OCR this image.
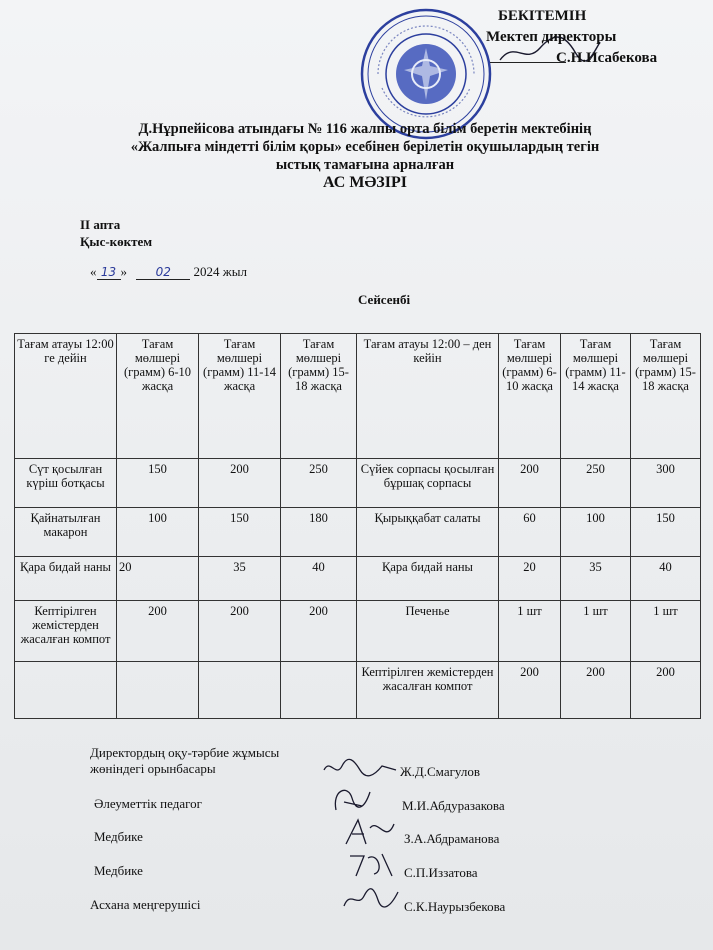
БЕКІТЕМІН
Мектеп директоры
С.Н.Исабекова
Д.Нұрпейісова атындағы № 116 жалпы орта білім беретін мектебінің
«Жалпыға міндетті білім қоры» есебінен берілетін оқушылардың тегін
ыстық тамағына арналған
АС МӘЗІРІ
ІІ апта
Қыс-көктем
« 13 » 02 2024 жыл
Сейсенбі
Тағам атауы 12:00 ге дейін	Тағам мөлшері (грамм) 6-10 жасқа	Тағам мөлшері (грамм) 11-14 жасқа	Тағам мөлшері (грамм) 15-18 жасқа	Тағам атауы 12:00 – ден кейін	Тағам мөлшері (грамм) 6-10 жасқа	Тағам мөлшері (грамм) 11-14 жасқа	Тағам мөлшері (грамм) 15-18 жасқа
Сүт қосылған күріш ботқасы	150	200	250	Сүйек сорпасы қосылған бұршақ сорпасы	200	250	300
Қайнатылған макарон	100	150	180	Қырыққабат салаты	60	100	150
Қара бидай наны	20	35	40	Қара бидай наны	20	35	40
Кептірілген жемістерден жасалған компот	200	200	200	Печенье	1 шт	1 шт	1 шт
				Кептірілген жемістерден жасалған компот	200	200	200
Директордың оқу-тәрбие жұмысы
жөніндегі орынбасары	Ж.Д.Смагулов
Әлеуметтік педагог	М.И.Абдуразакова
Медбике	З.А.Абдраманова
Медбике	С.П.Иззатова
Асхана меңгерушісі	С.К.Наурызбекова
